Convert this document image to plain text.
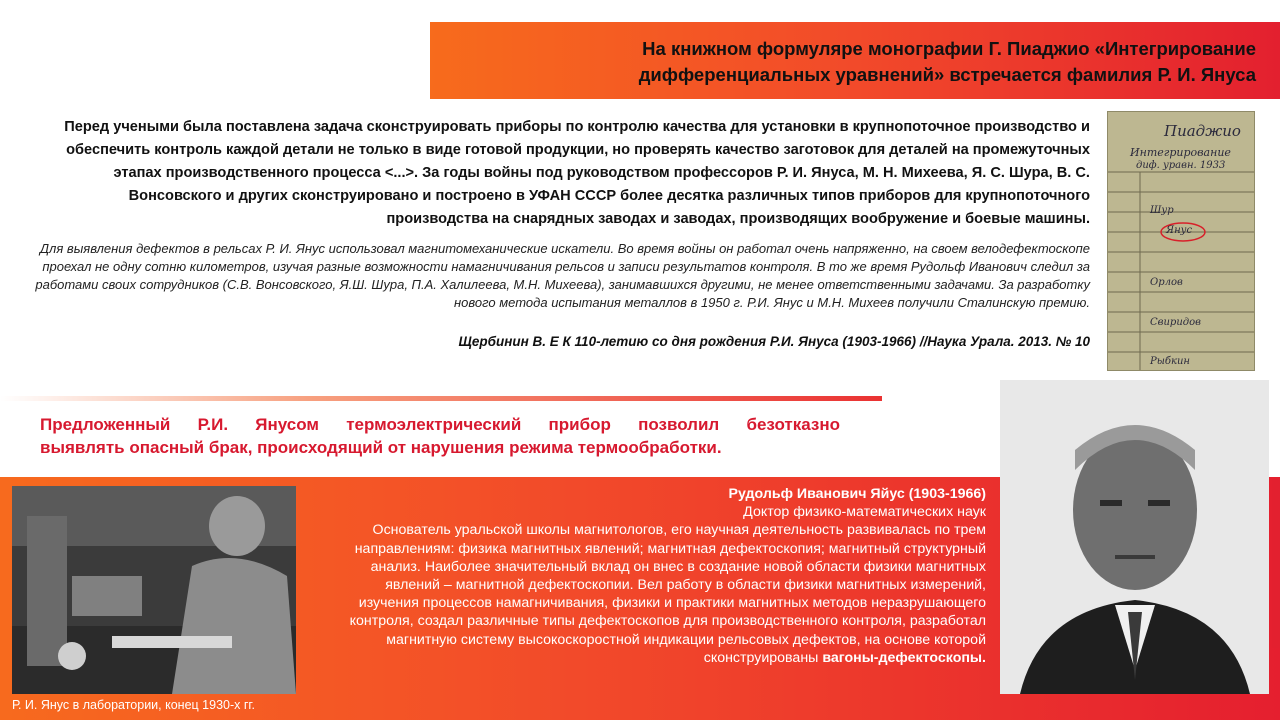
На книжном формуляре монографии Г. Пиаджио «Интегрирование дифференциальных уравнений» встречается фамилия Р. И. Януса
Перед учеными была поставлена задача сконструировать приборы по контролю качества для установки в крупнопоточное производство и обеспечить контроль каждой детали не только в виде готовой продукции, но проверять качество заготовок для деталей на промежуточных этапах производственного процесса <...>. За годы войны под руководством профессоров Р. И. Януса, М. Н. Михеева, Я. С. Шура, В. С. Вонсовского и других сконструировано и построено в УФАН СССР более десятка различных типов приборов для крупнопоточного производства на снарядных заводах и заводах, производящих вообружение и боевые машины.
Для выявления дефектов в рельсах Р. И. Янус использовал магнитомеханические искатели. Во время войны он работал очень напряженно, на своем велодефектоскопе проехал не одну сотню километров, изучая разные возможности намагничивания рельсов и записи результатов контроля. В то же время Рудольф Иванович следил за работами своих сотрудников (С.В. Вонсовского, Я.Ш. Шура, П.А. Халилеева, М.Н. Михеева), занимавшихся другими, не менее ответственными задачами. За разработку нового метода испытания металлов в 1950 г. Р.И. Янус и М.Н. Михеев получили Сталинскую премию.
Щербинин В. Е К 110-летию со дня рождения Р.И. Януса (1903-1966) //Наука Урала. 2013. № 10
Пиаджио
Интегрирование
диф. уравн. 1933
Янус
Шур
Орлов
Свиридов
Рыбкин
Предложенный Р.И. Янусом термоэлектрический прибор позволил безотказно
выявлять опасный брак, происходящий от нарушения режима термообработки.
Р. И. Янус в лаборатории, конец 1930-х гг.
Рудольф Иванович Яйус (1903-1966)
Доктор физико-математических наук
Основатель уральской школы магнитологов, его научная деятельность развивалась по трем направлениям: физика магнитных явлений; магнитная дефектоскопия; магнитный структурный анализ. Наиболее значительный вклад он внес в создание новой области физики магнитных явлений – магнитной дефектоскопии. Вел работу в области физики магнитных измерений, изучения процессов намагничивания, физики и практики магнитных методов неразрушающего контроля, создал различные типы дефектоскопов для производственного контроля, разработал магнитную систему высокоскоростной индикации рельсовых дефектов, на основе которой сконструированы вагоны-дефектоскопы.
